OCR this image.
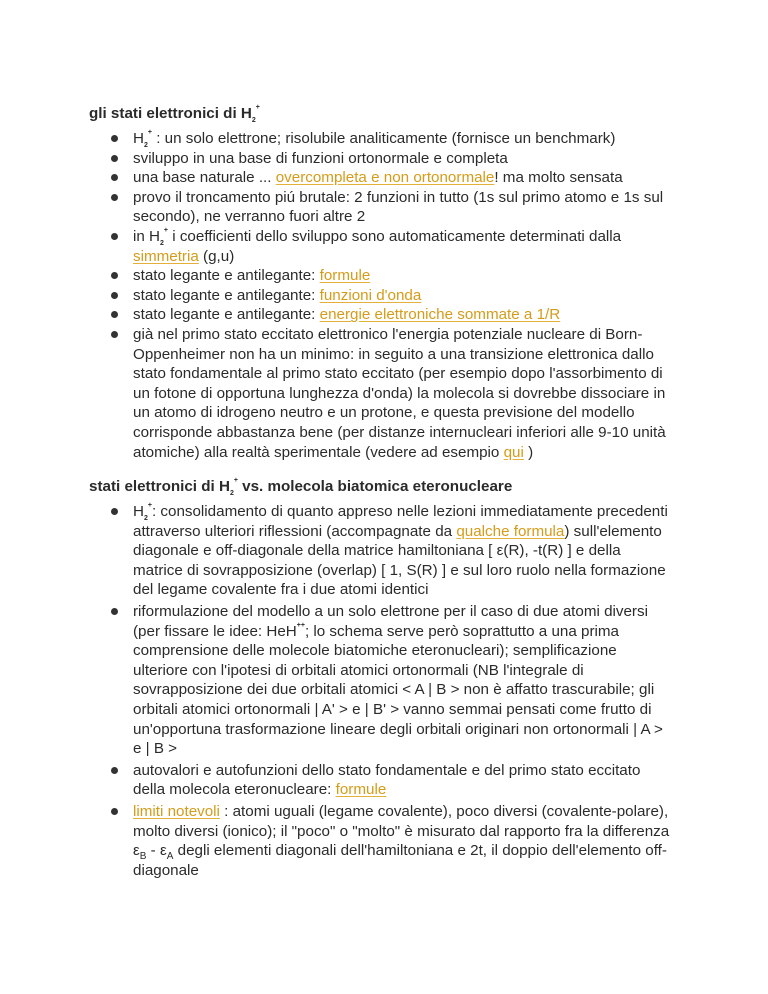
gli stati elettronici di $H_2^+$
$H_2^+$ : un solo elettrone; risolubile analiticamente (fornisce un benchmark)
sviluppo in una base di funzioni ortonormale e completa
una base naturale ... overcompleta e non ortonormale! ma molto sensata
provo il troncamento piú brutale: 2 funzioni in tutto (1s sul primo atomo e 1s sul secondo), ne verranno fuori altre 2
in $H_2^+$ i coefficienti dello sviluppo sono automaticamente determinati dalla simmetria (g,u)
stato legante e antilegante: formule
stato legante e antilegante: funzioni d'onda
stato legante e antilegante: energie elettroniche sommate a 1/R
già nel primo stato eccitato elettronico l'energia potenziale nucleare di Born-Oppenheimer non ha un minimo: in seguito a una transizione elettronica dallo stato fondamentale al primo stato eccitato (per esempio dopo l'assorbimento di un fotone di opportuna lunghezza d'onda) la molecola si dovrebbe dissociare in un atomo di idrogeno neutro e un protone, e questa previsione del modello corrisponde abbastanza bene (per distanze internucleari inferiori alle 9-10 unità atomiche) alla realtà sperimentale (vedere ad esempio qui )
stati elettronici di $H_2^+$ vs. molecola biatomica eteronucleare
$H_2^+$: consolidamento di quanto appreso nelle lezioni immediatamente precedenti attraverso ulteriori riflessioni (accompagnate da qualche formula) sull'elemento diagonale e off-diagonale della matrice hamiltoniana [ ε(R), -t(R) ] e della matrice di sovrapposizione (overlap) [ 1, S(R) ] e sul loro ruolo nella formazione del legame covalente fra i due atomi identici
riformulazione del modello a un solo elettrone per il caso di due atomi diversi (per fissare le idee: HeH++; lo schema serve però soprattutto a una prima comprensione delle molecole biatomiche eteronucleari); semplificazione ulteriore con l'ipotesi di orbitali atomici ortonormali (NB l'integrale di sovrapposizione dei due orbitali atomici < A | B > non è affatto trascurabile; gli orbitali atomici ortonormali | A' > e | B' > vanno semmai pensati come frutto di un'opportuna trasformazione lineare degli orbitali originari non ortonormali | A > e | B >
autovalori e autofunzioni dello stato fondamentale e del primo stato eccitato della molecola eteronucleare: formule
limiti notevoli : atomi uguali (legame covalente), poco diversi (covalente-polare), molto diversi (ionico); il "poco" o "molto" è misurato dal rapporto fra la differenza $\varepsilon_B - \varepsilon_A$ degli elementi diagonali dell'hamiltoniana e 2t, il doppio dell'elemento off-diagonale
